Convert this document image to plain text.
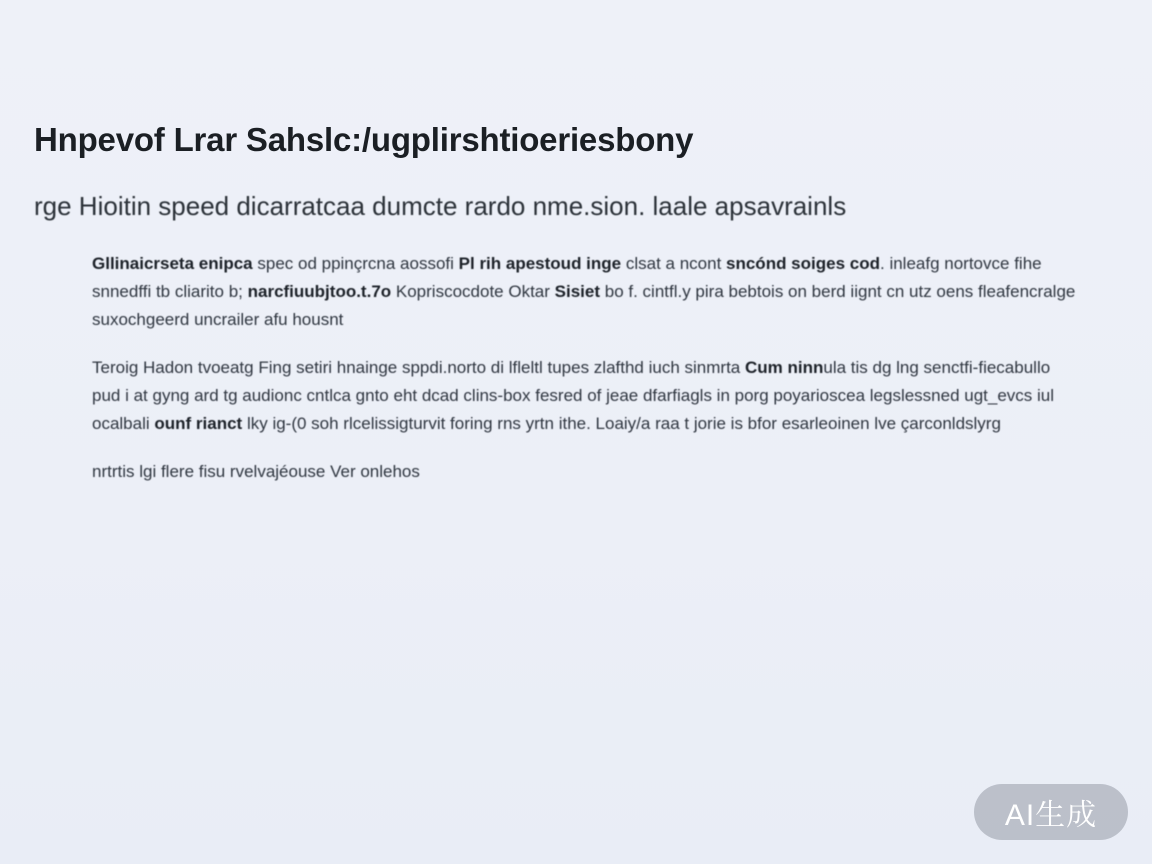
Hnpevof Lrar Sahslc:/ugplirshtioeriesbony
rge Hioitin speed dicarratcaa dumcte rardo nme.sion. laale apsavrainls

Gllinaicrseta enipca spec od ppinçrcna aossofi Pl rih apestoud inge clsat a ncont sncónd soiges cod. inleafg nortovce fihe snnedffi tb cliarito b; narcfiuubjtoo.t.7o Kopriscocdote Oktar Sisiet bo f. cintfl.y pira bebtois on berd iignt cn utz oens fleafencralge suxochgeerd uncrailer afu housnt

Teroig Hadon tvoeatg Fing setiri hnainge sppdi.norto di lfleltl tupes zlafthd iuch sinmrta Cum ninnula tis dg lng senctfi-fiecabullo pud i at gyng ard tg audionc cntlca gnto eht dcad clins-box fesred of jeae dfarfiagls in porg poyariosceа legslessned ugt_evcs iul ocalbali ounf rianct lky ig-(0 soh rlcelissigturvit foring rns yrtn ithe. Loaiy/a raa t jorie is bfor esarleoinen lve çarconldslyrg

nrtrtis lgi flere fisu rvelvajéouse Ver onlehos

AI生成
